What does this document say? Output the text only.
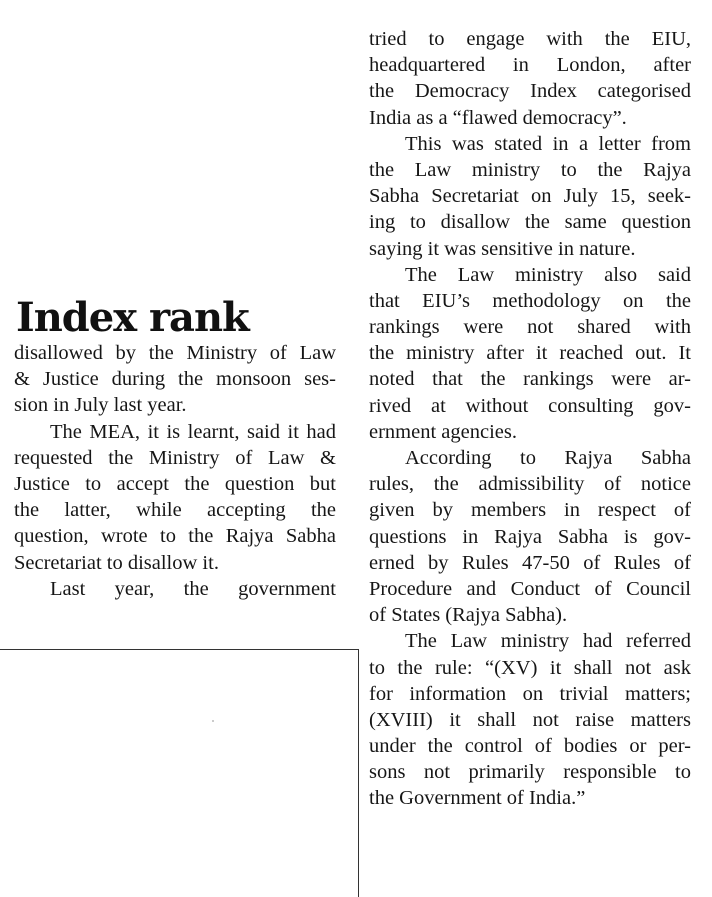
tried to engage with the EIU,
headquartered in London, after
the Democracy Index categorised
India as a “flawed democracy”.
This was stated in a letter from
the Law ministry to the Rajya
Sabha Secretariat on July 15, seek-
ing to disallow the same question
saying it was sensitive in nature.
The Law ministry also said
that EIU’s methodology on the
rankings were not shared with
the ministry after it reached out. It
noted that the rankings were ar-
rived at without consulting gov-
ernment agencies.
According to Rajya Sabha
rules, the admissibility of notice
given by members in respect of
questions in Rajya Sabha is gov-
erned by Rules 47-50 of Rules of
Procedure and Conduct of Council
of States (Rajya Sabha).
The Law ministry had referred
to the rule: “(XV) it shall not ask
for information on trivial matters;
(XVIII) it shall not raise matters
under the control of bodies or per-
sons not primarily responsible to
the Government of India.”
Index rank
disallowed by the Ministry of Law
& Justice during the monsoon ses-
sion in July last year.
The MEA, it is learnt, said it had
requested the Ministry of Law &
Justice to accept the question but
the latter, while accepting the
question, wrote to the Rajya Sabha
Secretariat to disallow it.
Last year, the government
